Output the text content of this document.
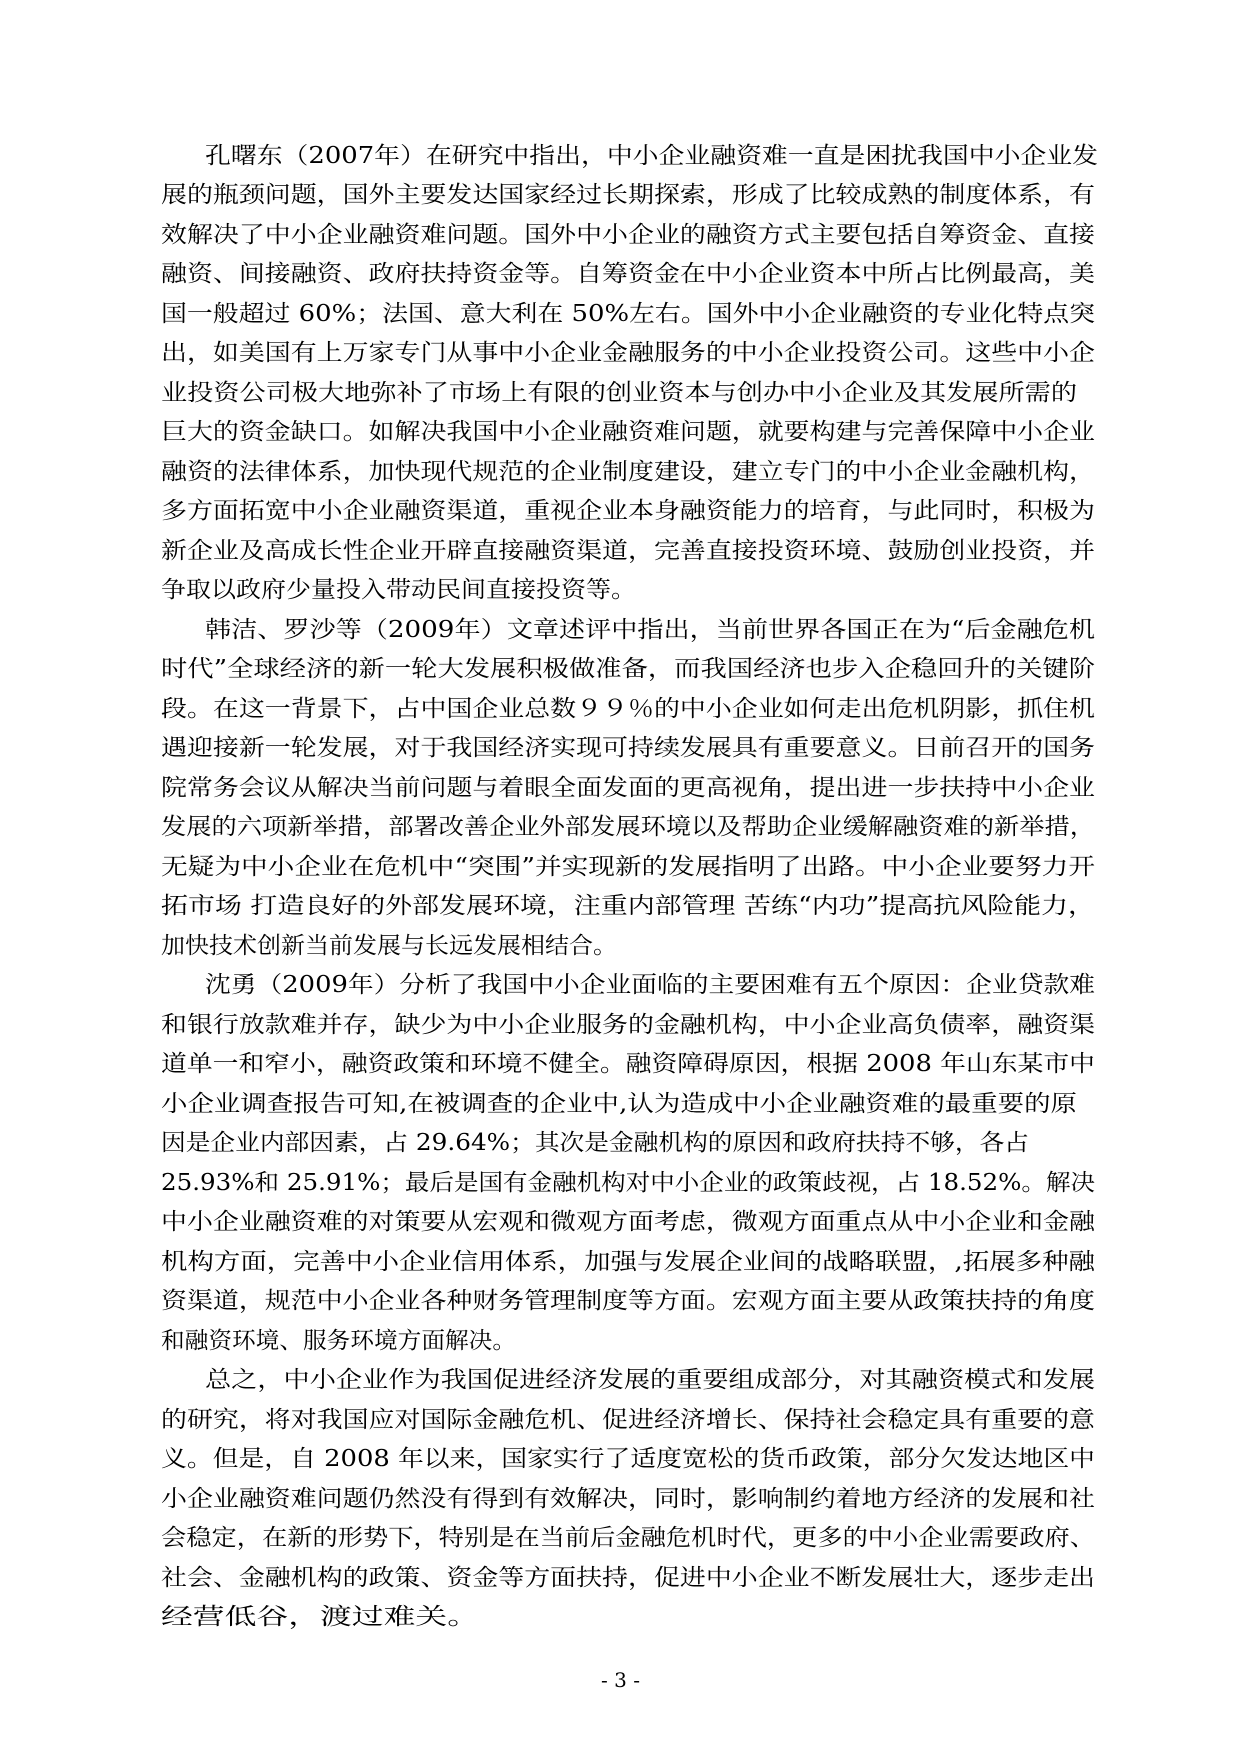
孔曙东（2007年）在研究中指出，中小企业融资难一直是困扰我国中小企业发
展的瓶颈问题，国外主要发达国家经过长期探索，形成了比较成熟的制度体系，有
效解决了中小企业融资难问题。国外中小企业的融资方式主要包括自筹资金、直接
融资、间接融资、政府扶持资金等。自筹资金在中小企业资本中所占比例最高，美
国一般超过 60%；法国、意大利在 50%左右。国外中小企业融资的专业化特点突
出，如美国有上万家专门从事中小企业金融服务的中小企业投资公司。这些中小企
业投资公司极大地弥补了市场上有限的创业资本与创办中小企业及其发展所需的
巨大的资金缺口。如解决我国中小企业融资难问题，就要构建与完善保障中小企业
融资的法律体系，加快现代规范的企业制度建设，建立专门的中小企业金融机构，
多方面拓宽中小企业融资渠道，重视企业本身融资能力的培育，与此同时，积极为
新企业及高成长性企业开辟直接融资渠道，完善直接投资环境、鼓励创业投资，并
争取以政府少量投入带动民间直接投资等。
韩洁、罗沙等（2009年）文章述评中指出，当前世界各国正在为“后金融危机
时代”全球经济的新一轮大发展积极做准备，而我国经济也步入企稳回升的关键阶
段。在这一背景下，占中国企业总数９９％的中小企业如何走出危机阴影，抓住机
遇迎接新一轮发展，对于我国经济实现可持续发展具有重要意义。日前召开的国务
院常务会议从解决当前问题与着眼全面发面的更高视角，提出进一步扶持中小企业
发展的六项新举措，部署改善企业外部发展环境以及帮助企业缓解融资难的新举措，
无疑为中小企业在危机中“突围”并实现新的发展指明了出路。中小企业要努力开
拓市场 打造良好的外部发展环境，注重内部管理 苦练“内功”提高抗风险能力，
加快技术创新当前发展与长远发展相结合。
沈勇（2009年）分析了我国中小企业面临的主要困难有五个原因：企业贷款难
和银行放款难并存，缺少为中小企业服务的金融机构，中小企业高负债率，融资渠
道单一和窄小，融资政策和环境不健全。融资障碍原因，根据 2008 年山东某市中
小企业调查报告可知,在被调查的企业中,认为造成中小企业融资难的最重要的原
因是企业内部因素，占 29.64%；其次是金融机构的原因和政府扶持不够，各占
25.93%和 25.91%；最后是国有金融机构对中小企业的政策歧视，占 18.52%。解决
中小企业融资难的对策要从宏观和微观方面考虑，微观方面重点从中小企业和金融
机构方面，完善中小企业信用体系，加强与发展企业间的战略联盟，,拓展多种融
资渠道，规范中小企业各种财务管理制度等方面。宏观方面主要从政策扶持的角度
和融资环境、服务环境方面解决。
总之，中小企业作为我国促进经济发展的重要组成部分，对其融资模式和发展
的研究，将对我国应对国际金融危机、促进经济增长、保持社会稳定具有重要的意
义。但是，自 2008 年以来，国家实行了适度宽松的货币政策，部分欠发达地区中
小企业融资难问题仍然没有得到有效解决，同时，影响制约着地方经济的发展和社
会稳定，在新的形势下，特别是在当前后金融危机时代，更多的中小企业需要政府、
社会、金融机构的政策、资金等方面扶持，促进中小企业不断发展壮大，逐步走出
经营低谷，渡过难关。
- 3 -
